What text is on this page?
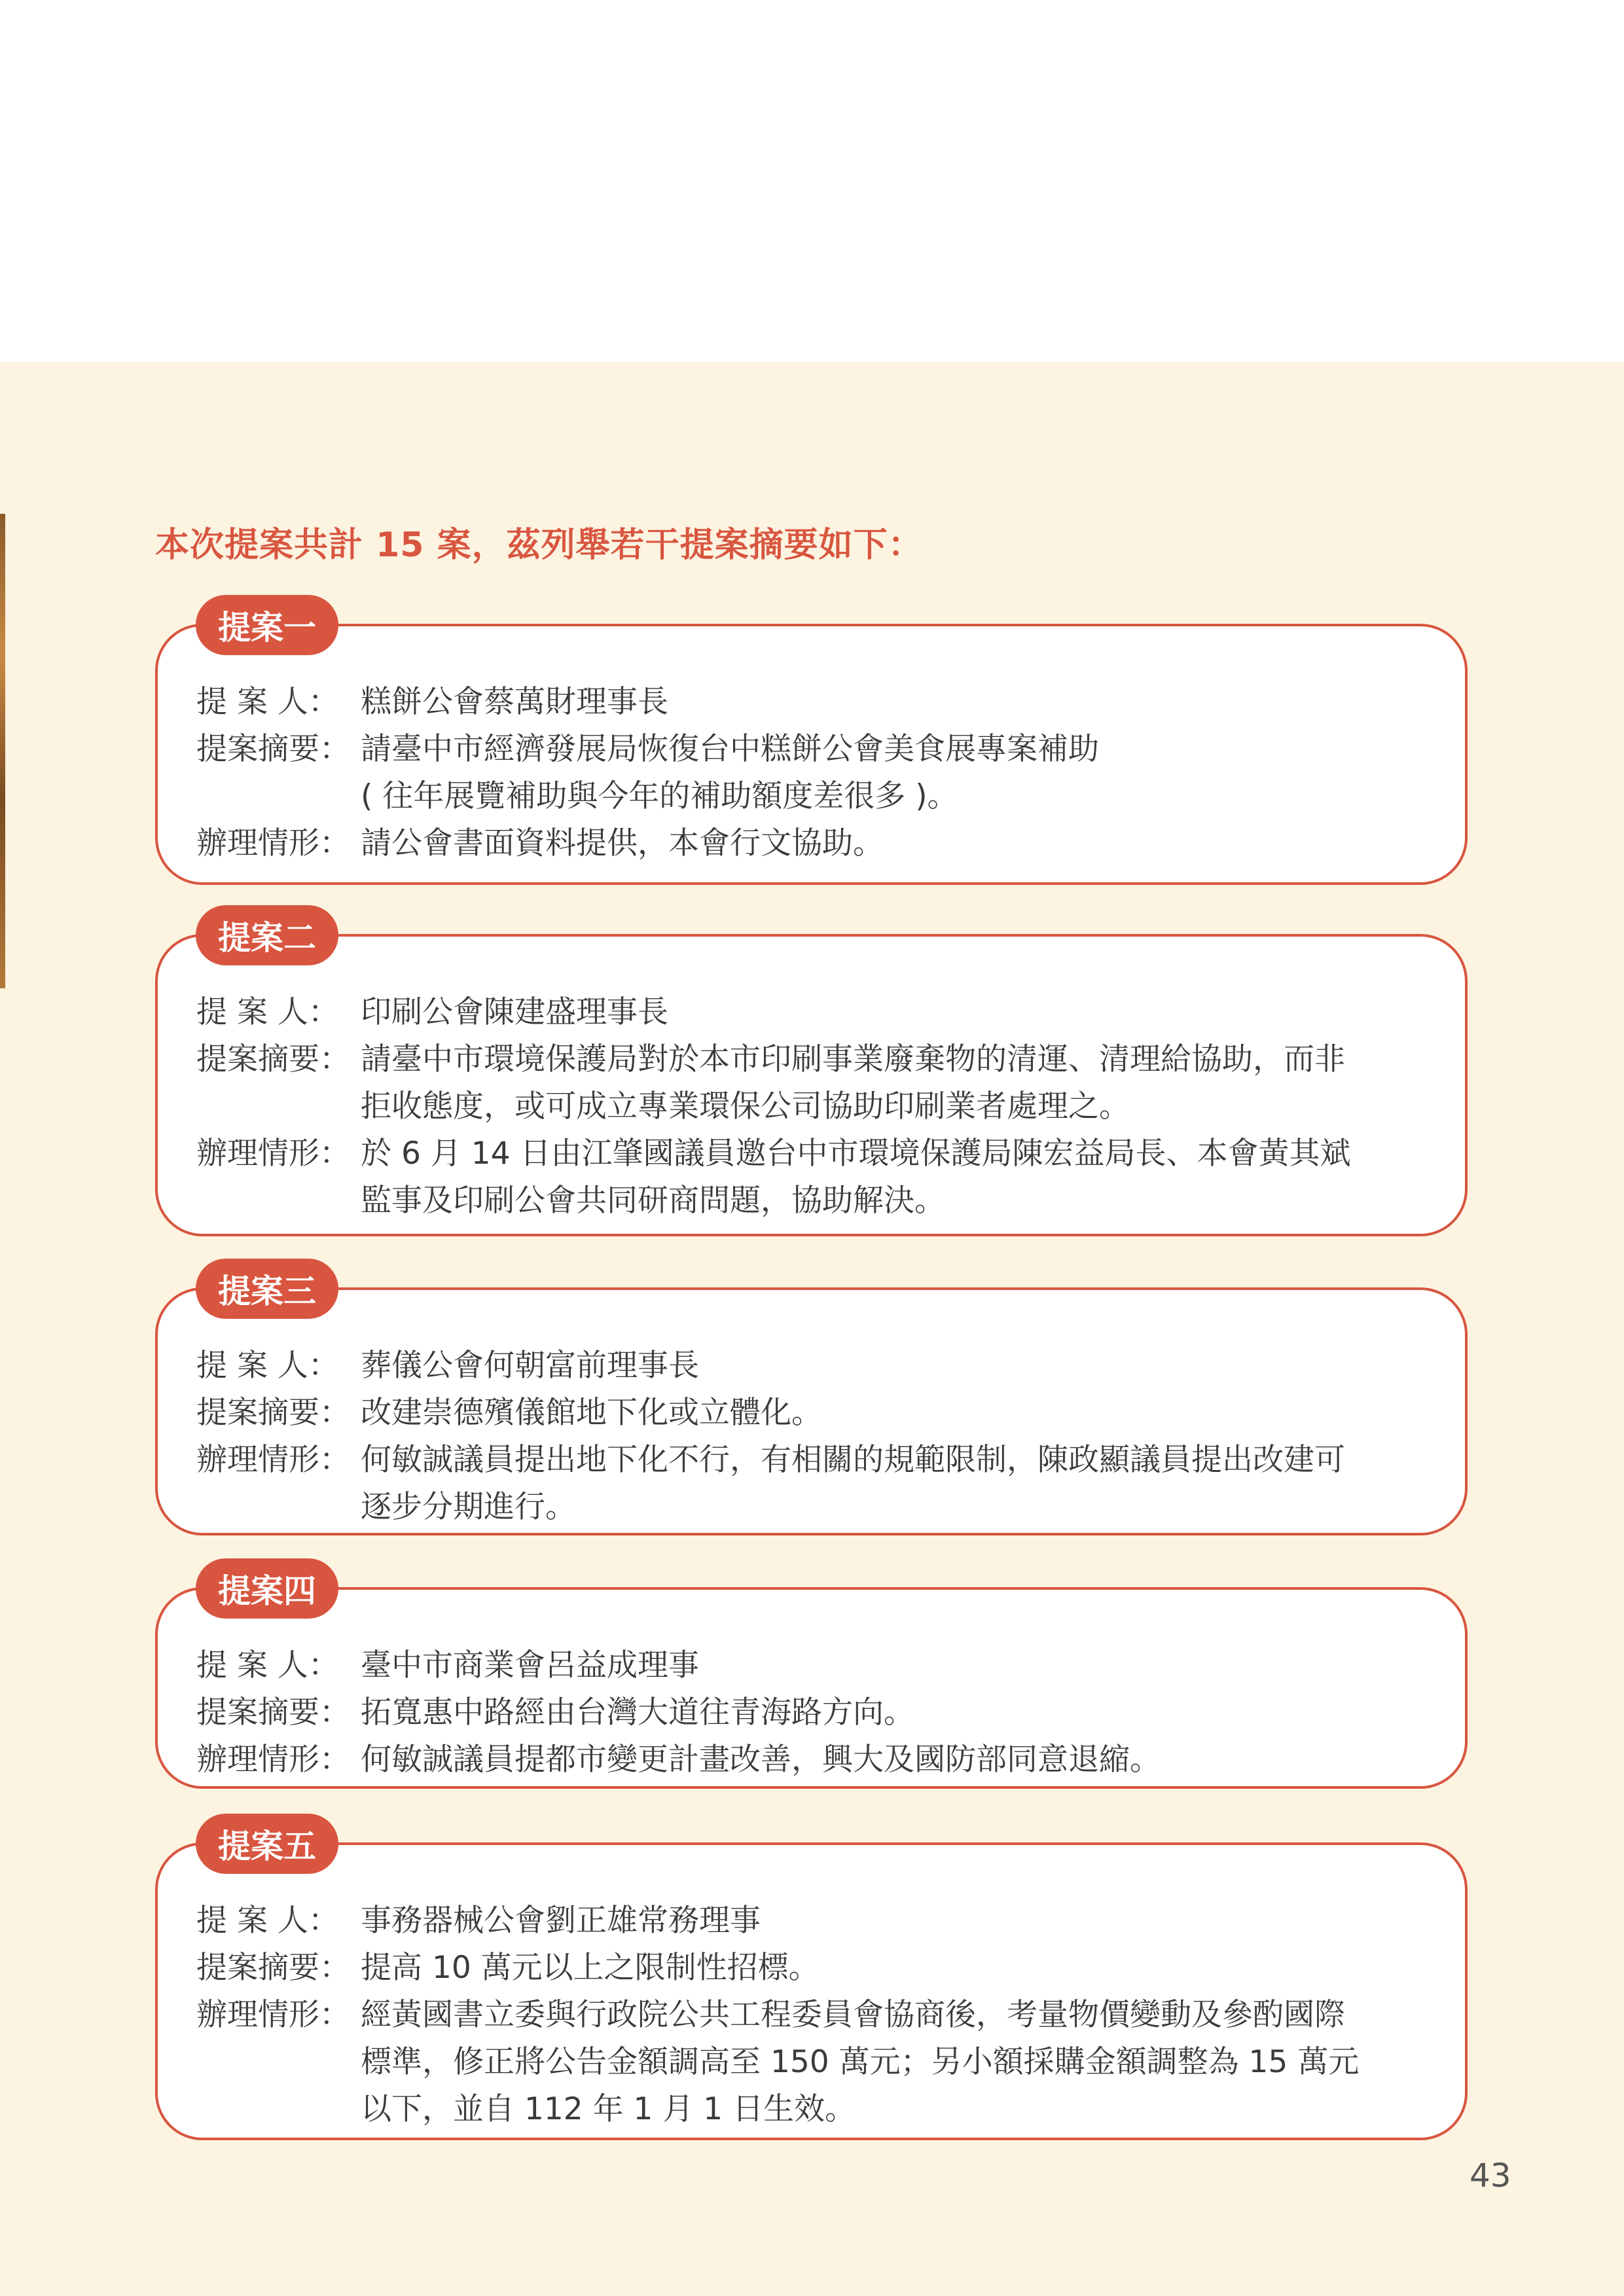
本次提案共計 15 案，茲列舉若干提案摘要如下：
提案一
提 案 人： 糕餅公會蔡萬財理事長
提案摘要： 請臺中市經濟發展局恢復台中糕餅公會美食展專案補助
( 往年展覽補助與今年的補助額度差很多 )。
辦理情形： 請公會書面資料提供，本會行文協助。
提案二
提 案 人： 印刷公會陳建盛理事長
提案摘要： 請臺中市環境保護局對於本市印刷事業廢棄物的清運、清理給協助，而非
拒收態度，或可成立專業環保公司協助印刷業者處理之。
辦理情形： 於 6 月 14 日由江肇國議員邀台中市環境保護局陳宏益局長、本會黃其斌
監事及印刷公會共同研商問題，協助解決。
提案三
提 案 人： 葬儀公會何朝富前理事長
提案摘要： 改建崇德殯儀館地下化或立體化。
辦理情形： 何敏誠議員提出地下化不行，有相關的規範限制，陳政顯議員提出改建可
逐步分期進行。
提案四
提 案 人： 臺中市商業會呂益成理事
提案摘要： 拓寬惠中路經由台灣大道往青海路方向。
辦理情形： 何敏誠議員提都市變更計畫改善，興大及國防部同意退縮。
提案五
提 案 人： 事務器械公會劉正雄常務理事
提案摘要： 提高 10 萬元以上之限制性招標。
辦理情形： 經黃國書立委與行政院公共工程委員會協商後，考量物價變動及參酌國際
標準，修正將公告金額調高至 150 萬元；另小額採購金額調整為 15 萬元
以下，並自 112 年 1 月 1 日生效。
43
